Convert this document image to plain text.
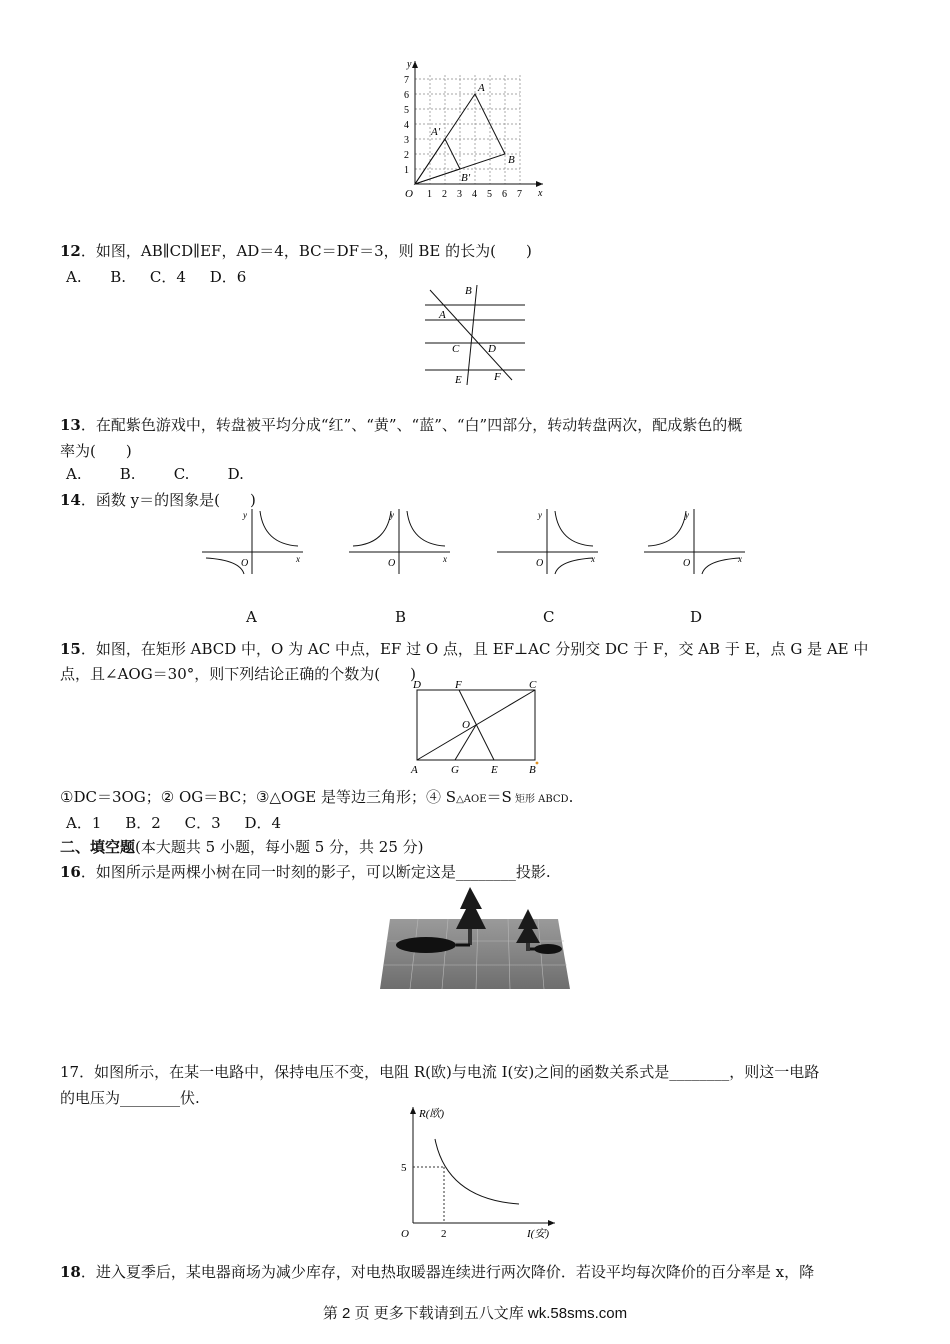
y
x
O
1
2
3
4
5
6
7
1 2 3 4 5 6 7
A
A′
B
B′
12．如图，AB∥CD∥EF，AD＝4，BC＝DF＝3，则 BE 的长为(　　)
A. B. C．4 D．6
B
A
C	D
E	F
13．在配紫色游戏中，转盘被平均分成“红”、“黄”、“蓝”、“白”四部分，转动转盘两次，配成紫色的概
率为(　　)
A.	B.	C.	D.
14．函数 y＝的图象是(　　)
y
x
O
y
x
O
y
x
O
y
x
O
A	B	C	D
15．如图，在矩形 ABCD 中，O 为 AC 中点，EF 过 O 点，且 EF⊥AC 分别交 DC 于 F，交 AB 于 E，点 G 是 AE 中
点，且∠AOG＝30°，则下列结论正确的个数为(　　)
D	F	C
O
A	G	E	B
①DC＝3OG；② OG＝BC；③△OGE 是等边三角形；④ S△AOE＝S 矩形 ABCD.
A．1 B．2 C．3 D．4
二、填空题(本大题共 5 小题，每小题 5 分，共 25 分)
16．如图所示是两棵小树在同一时刻的影子，可以断定这是________投影.
17．如图所示，在某一电路中，保持电压不变，电阻 R(欧)与电流 I(安)之间的函数关系式是________，则这一电路
的电压为________伏.
R(欧)
I(安)
O
5
2
18．进入夏季后，某电器商场为减少库存，对电热取暖器连续进行两次降价．若设平均每次降价的百分率是 x，降
第 2 页 更多下载请到五八文库 wk.58sms.com
